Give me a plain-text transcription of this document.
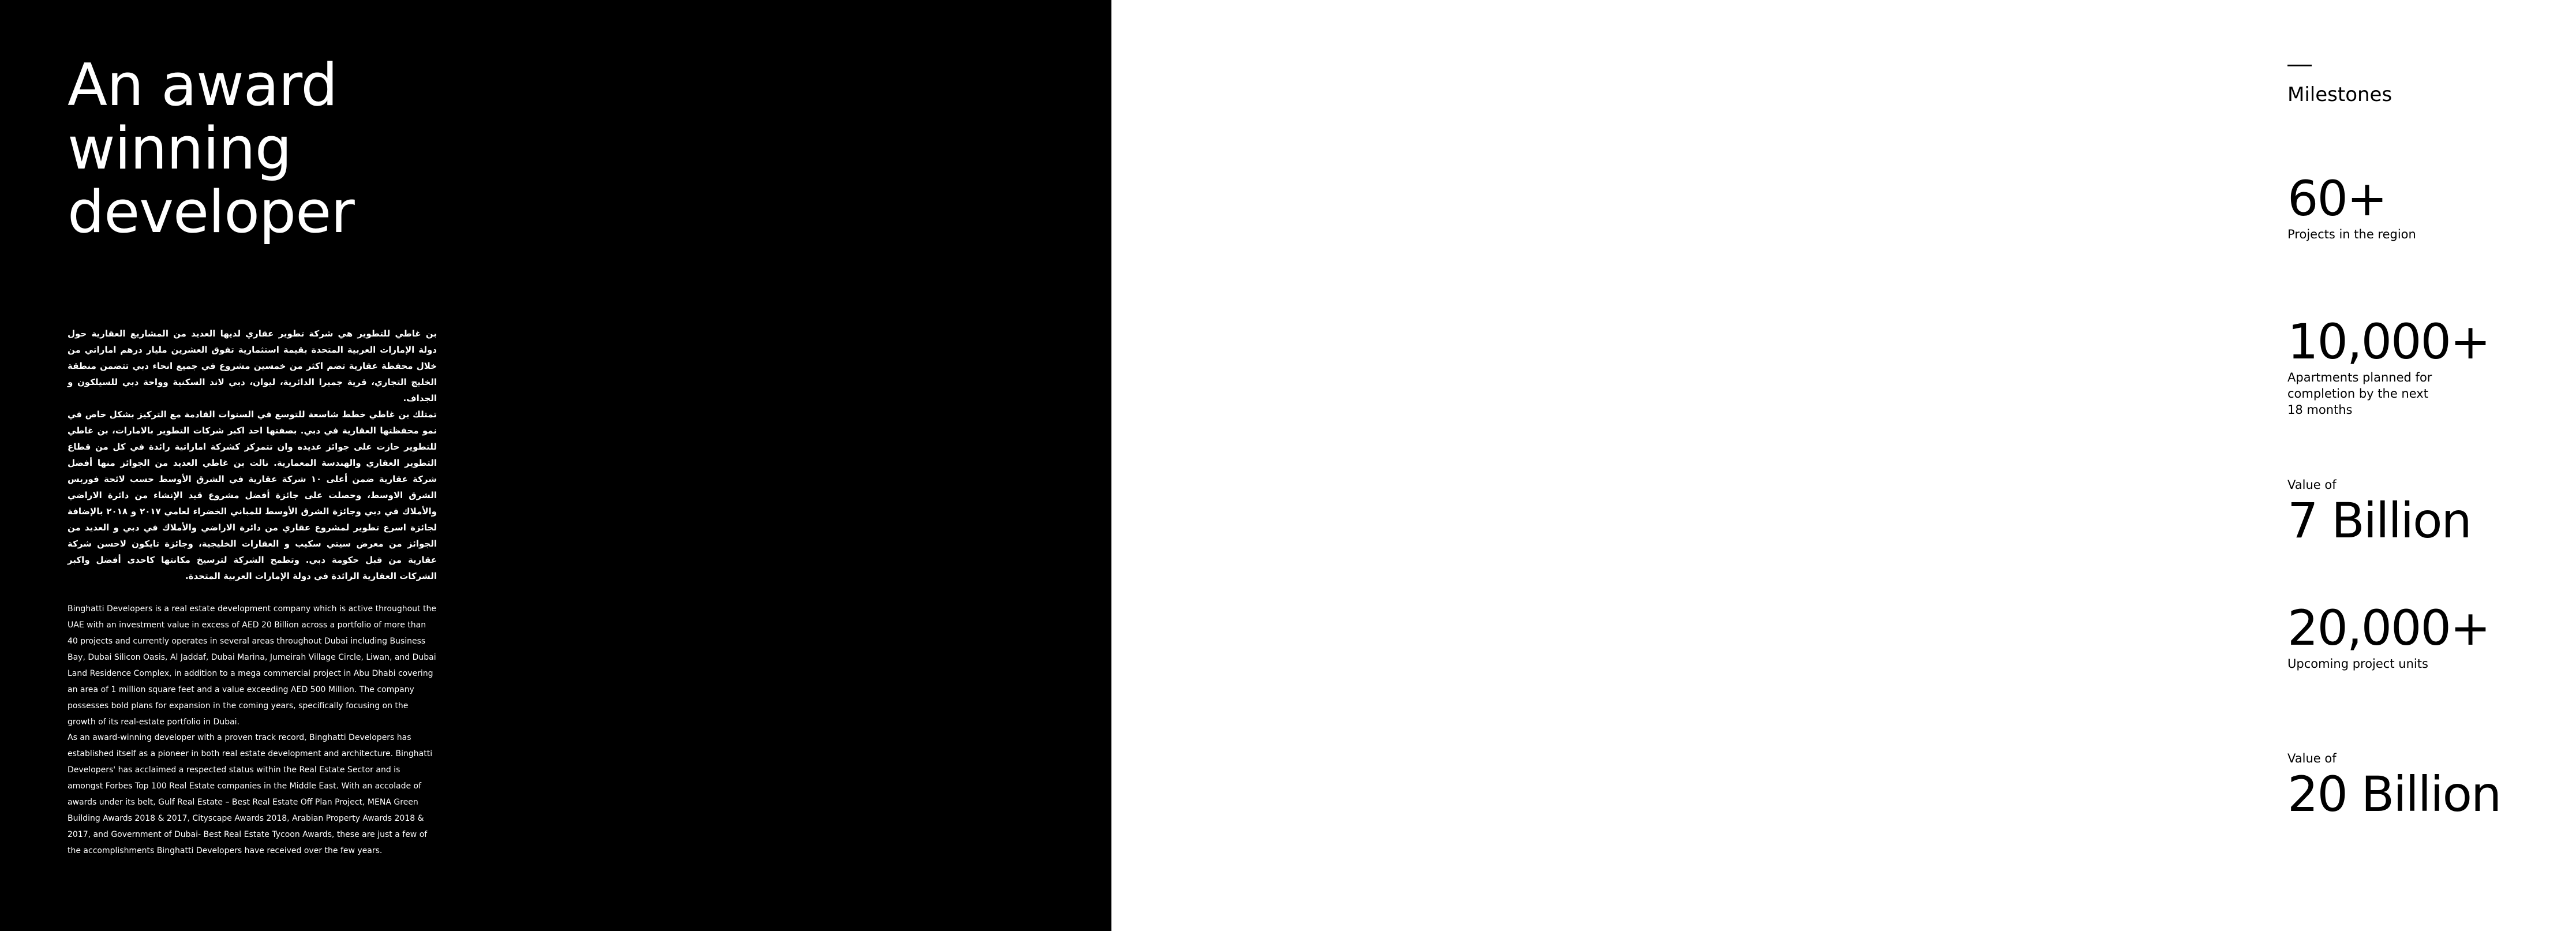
An award
winning
developer

بن غاطي للتطوير هي شركة تطوير عقاري لديها العديد من المشاريع العقارية حول دولة الإمارات العربية المتحدة بقيمة استثمارية تفوق العشرين مليار درهم اماراتي من خلال محفظة عقارية تضم اكثر من خمسين مشروع في جميع انحاء دبي تتضمن منطقة الخليج التجاري، قرية جميرا الدائرية، ليوان، دبي لاند السكنية وواحة دبي للسيلكون و الجداف.

تمتلك بن غاطي خطط شاسعة للتوسع في السنوات القادمة مع التركيز بشكل خاص في نمو محفظتها العقارية في دبي. بصفتها احد اكبر شركات التطوير بالامارات، بن غاطي للتطوير حازت على جوائز عديده وان تتمركز كشركة اماراتية رائدة في كل من قطاع التطوير العقاري والهندسة المعمارية. نالت بن غاطي العديد من الجوائز منها أفضل شركة عقارية ضمن أعلى ١٠ شركة عقارية في الشرق الأوسط حسب لائحة فوربس الشرق الاوسط، وحصلت على جائزة أفضل مشروع قيد الإنشاء من دائرة الاراضي والأملاك في دبي وجائزة الشرق الأوسط للمباني الخضراء لعامي ٢٠١٧ و ٢٠١٨ بالإضافة لجائزة اسرع تطوير لمشروع عقاري من دائرة الاراضي والأملاك في دبي و العديد من الجوائز من معرض سيتي سكيب و العقارات الخليجية، وجائزة تايكون لاحسن شركة عقارية من قبل حكومة دبي. وتطمح الشركة لترسيخ مكانتها كاحدى أفضل واكبر الشركات العقارية الرائدة في دولة الإمارات العربية المتحدة.

Binghatti Developers is a real estate development company which is active throughout the UAE with an investment value in excess of AED 20 Billion across a portfolio of more than 40 projects and currently operates in several areas throughout Dubai including Business Bay, Dubai Silicon Oasis, Al Jaddaf, Dubai Marina, Jumeirah Village Circle, Liwan, and Dubai Land Residence Complex, in addition to a mega commercial project in Abu Dhabi covering an area of 1 million square feet and a value exceeding AED 500 Million. The company possesses bold plans for expansion in the coming years, specifically focusing on the growth of its real-estate portfolio in Dubai.

As an award-winning developer with a proven track record, Binghatti Developers has established itself as a pioneer in both real estate development and architecture. Binghatti Developers' has acclaimed a respected status within the Real Estate Sector and is amongst Forbes Top 100 Real Estate companies in the Middle East. With an accolade of awards under its belt, Gulf Real Estate – Best Real Estate Off Plan Project, MENA Green Building Awards 2018 & 2017, Cityscape Awards 2018, Arabian Property Awards 2018 & 2017, and Government of Dubai- Best Real Estate Tycoon Awards, these are just a few of the accomplishments Binghatti Developers have received over the few years.

Milestones
60+
Projects in the region
10,000+
Apartments planned for completion by the next 18 months
Value of
7 Billion
20,000+
Upcoming project units
Value of
20 Billion
